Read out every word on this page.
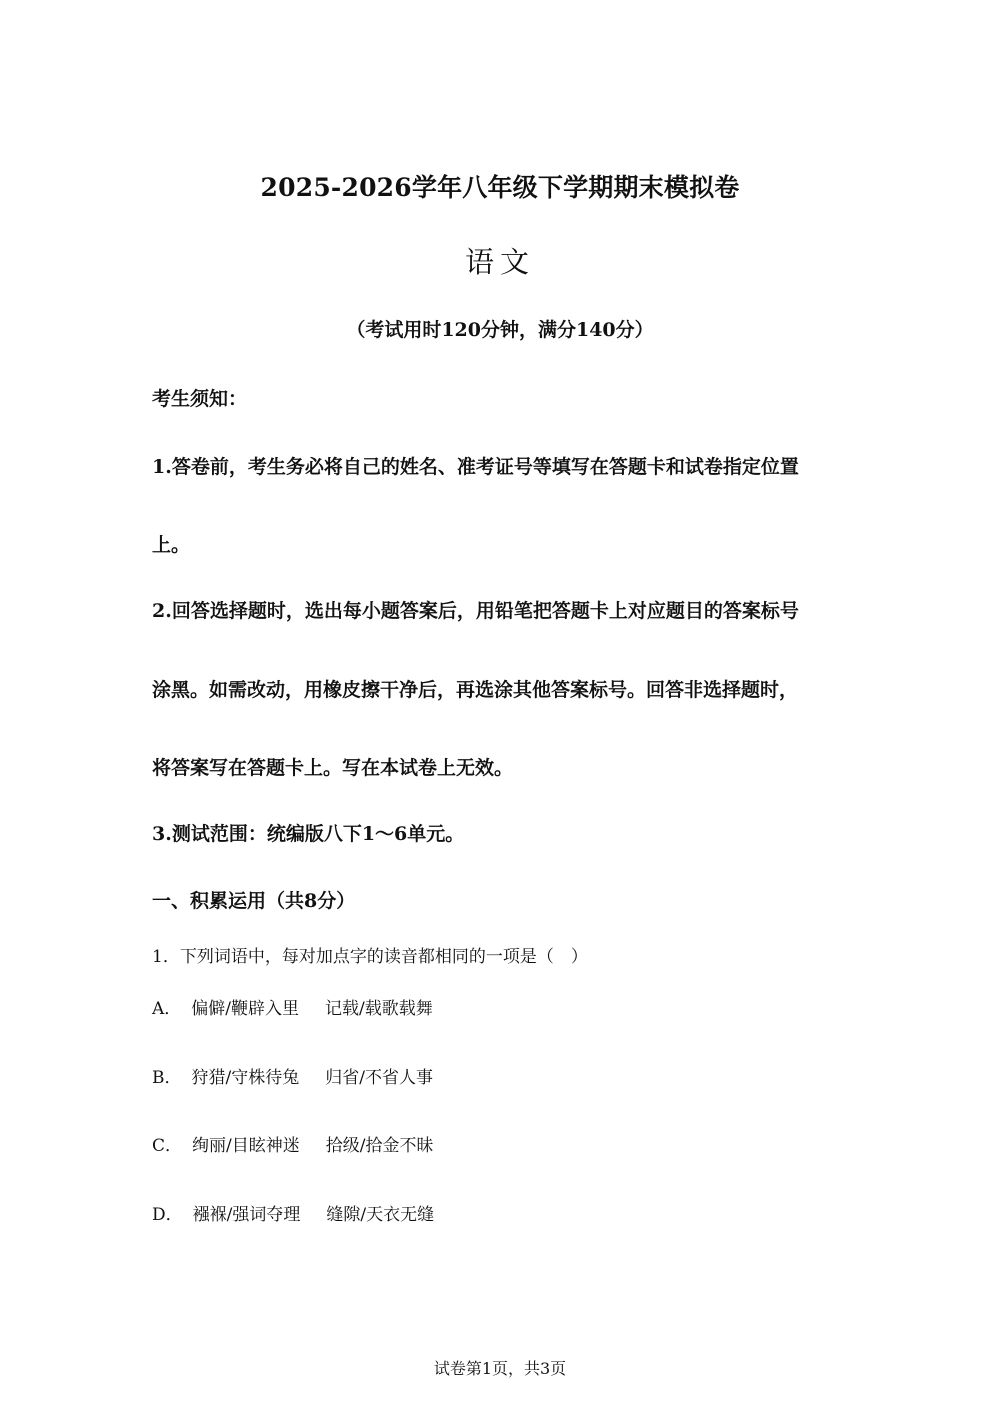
2025-2026学年八年级下学期期末模拟卷
语文
（考试用时120分钟，满分140分）
考生须知：
1.答卷前，考生务必将自己的姓名、准考证号等填写在答题卡和试卷指定位置
上。
2.回答选择题时，选出每小题答案后，用铅笔把答题卡上对应题目的答案标号
涂黑。如需改动，用橡皮擦干净后，再选涂其他答案标号。回答非选择题时，
将答案写在答题卡上。写在本试卷上无效。
3.测试范围：统编版八下1～6单元。
一、积累运用（共8分）
1．下列词语中，每对加点字的读音都相同的一项是（　）
A． 偏僻/鞭辟入里 记载/载歌载舞
B． 狩猎/守株待兔 归省/不省人事
C． 绚丽/目眩神迷 拾级/拾金不昧
D． 襁褓/强词夺理 缝隙/天衣无缝
试卷第1页，共3页
